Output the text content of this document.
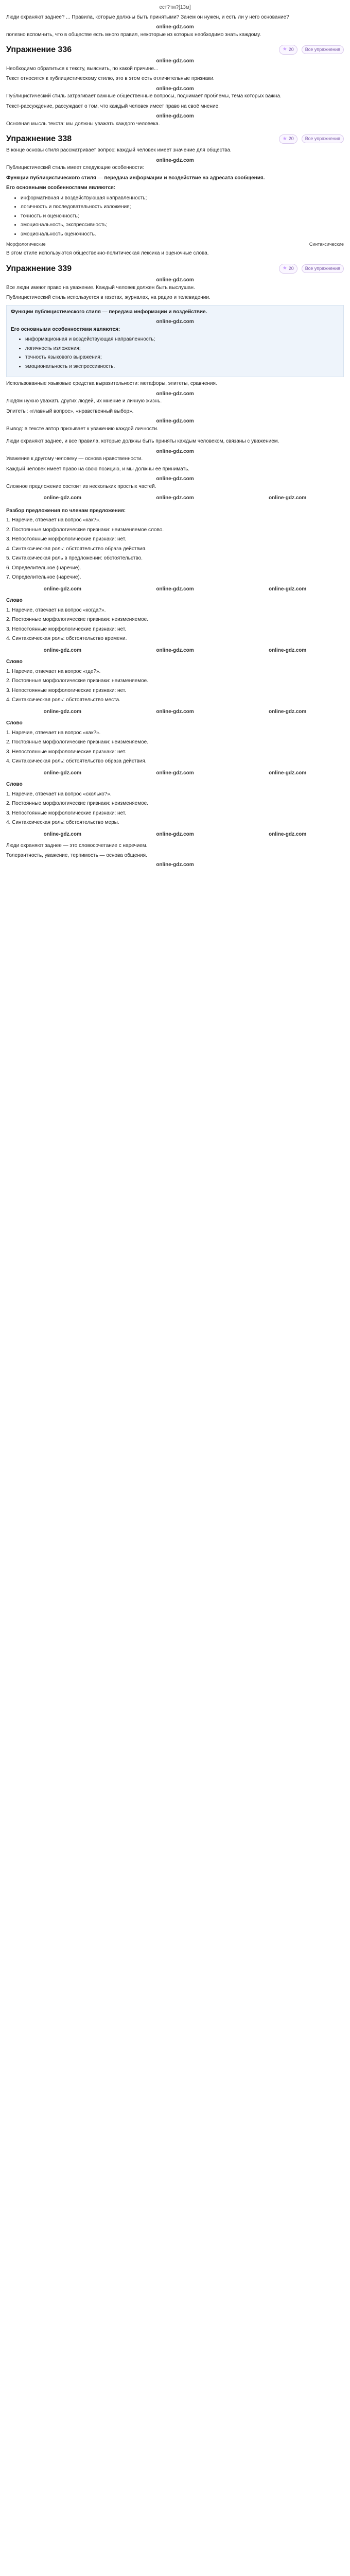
ест?тм?[13м]

Люди охраняют заднее? ... Правила, которые должны быть принятыми? Зачем он нужен, и есть ли у него основание?

online-gdz.com

полезно вспомнить, что в обществе есть много правил, некоторые из которых необходимо знать каждому.

Упражнение 336	★ 20	Все упражнения
online-gdz.com

Необходимо обратиться к тексту, выяснить, по какой причине...

Текст относится к публицистическому стилю, это в этом есть отличительные признаки.

online-gdz.com

Публицистический стиль затрагивает важные общественные вопросы, поднимает проблемы, тема которых важна.

Текст-рассуждение, рассуждает о том, что каждый человек имеет право на своё мнение.

online-gdz.com

Основная мысль текста: мы должны уважать каждого человека.

Упражнение 338	★ 20	Все упражнения

В конце основы стиля рассматривает вопрос: каждый человек имеет значение для общества.

online-gdz.com

Публицистический стиль имеет следующие особенности:

Функции публицистического стиля — передача информации и воздействие на адресата сообщения.

Его основными особенностями являются:

• информативная и воздействующая направленность;
• логичность и последовательность изложения;
• точность и оценочность;
• эмоциональность, экспрессивность;
• эмоциональность оценочность.
Морфологические	Синтаксические

В этом стиле используются общественно-политическая лексика и оценочные слова.

Упражнение 339	★ 20	Все упражнения
online-gdz.com

Все люди имеют право на уважение. Каждый человек должен быть выслушан.

Публицистический стиль используется в газетах, журналах, на радио и телевидении.

Функции публицистического стиля — передача информации и воздействие.

online-gdz.com

Его основными особенностями являются:

• информационная и воздействующая направленность;
• логичность изложения;
• точность языкового выражения;
• эмоциональность и экспрессивность.

Использованные языковые средства выразительности: метафоры, эпитеты, сравнения.

online-gdz.com

Людям нужно уважать других людей, их мнение и личную жизнь.

Эпитеты: «главный вопрос», «нравственный выбор».

online-gdz.com

Вывод: в тексте автор призывает к уважению каждой личности.

Люди охраняют заднее, и все правила, которые должны быть приняты каждым человеком, связаны с уважением.

online-gdz.com

Уважение к другому человеку — основа нравственности.

Каждый человек имеет право на свою позицию, и мы должны её принимать.

online-gdz.com

Сложное предложение состоит из нескольких простых частей.

online-gdz.com	online-gdz.com	online-gdz.com

Разбор предложения по членам предложения:

1. Наречие, отвечает на вопрос «как?».

2. Постоянные морфологические признаки: неизменяемое слово.

3. Непостоянные морфологические признаки: нет.

4. Синтаксическая роль: обстоятельство образа действия.

5. Синтаксическая роль в предложении: обстоятельство.

6. Определительное (наречие).

7. Определительное (наречие).

online-gdz.com	online-gdz.com	online-gdz.com

Слово

1. Наречие, отвечает на вопрос «когда?».

2. Постоянные морфологические признаки: неизменяемое.

3. Непостоянные морфологические признаки: нет.

4. Синтаксическая роль: обстоятельство времени.

online-gdz.com	online-gdz.com	online-gdz.com

Слово

1. Наречие, отвечает на вопрос «где?».

2. Постоянные морфологические признаки: неизменяемое.

3. Непостоянные морфологические признаки: нет.

4. Синтаксическая роль: обстоятельство места.

online-gdz.com	online-gdz.com	online-gdz.com

Слово

1. Наречие, отвечает на вопрос «как?».

2. Постоянные морфологические признаки: неизменяемое.

3. Непостоянные морфологические признаки: нет.

4. Синтаксическая роль: обстоятельство образа действия.

online-gdz.com	online-gdz.com	online-gdz.com

Слово

1. Наречие, отвечает на вопрос «сколько?».

2. Постоянные морфологические признаки: неизменяемое.

3. Непостоянные морфологические признаки: нет.

4. Синтаксическая роль: обстоятельство меры.

online-gdz.com	online-gdz.com	online-gdz.com

Люди охраняют заднее — это словосочетание с наречием.

Толерантность, уважение, терпимость — основа общения.

online-gdz.com
